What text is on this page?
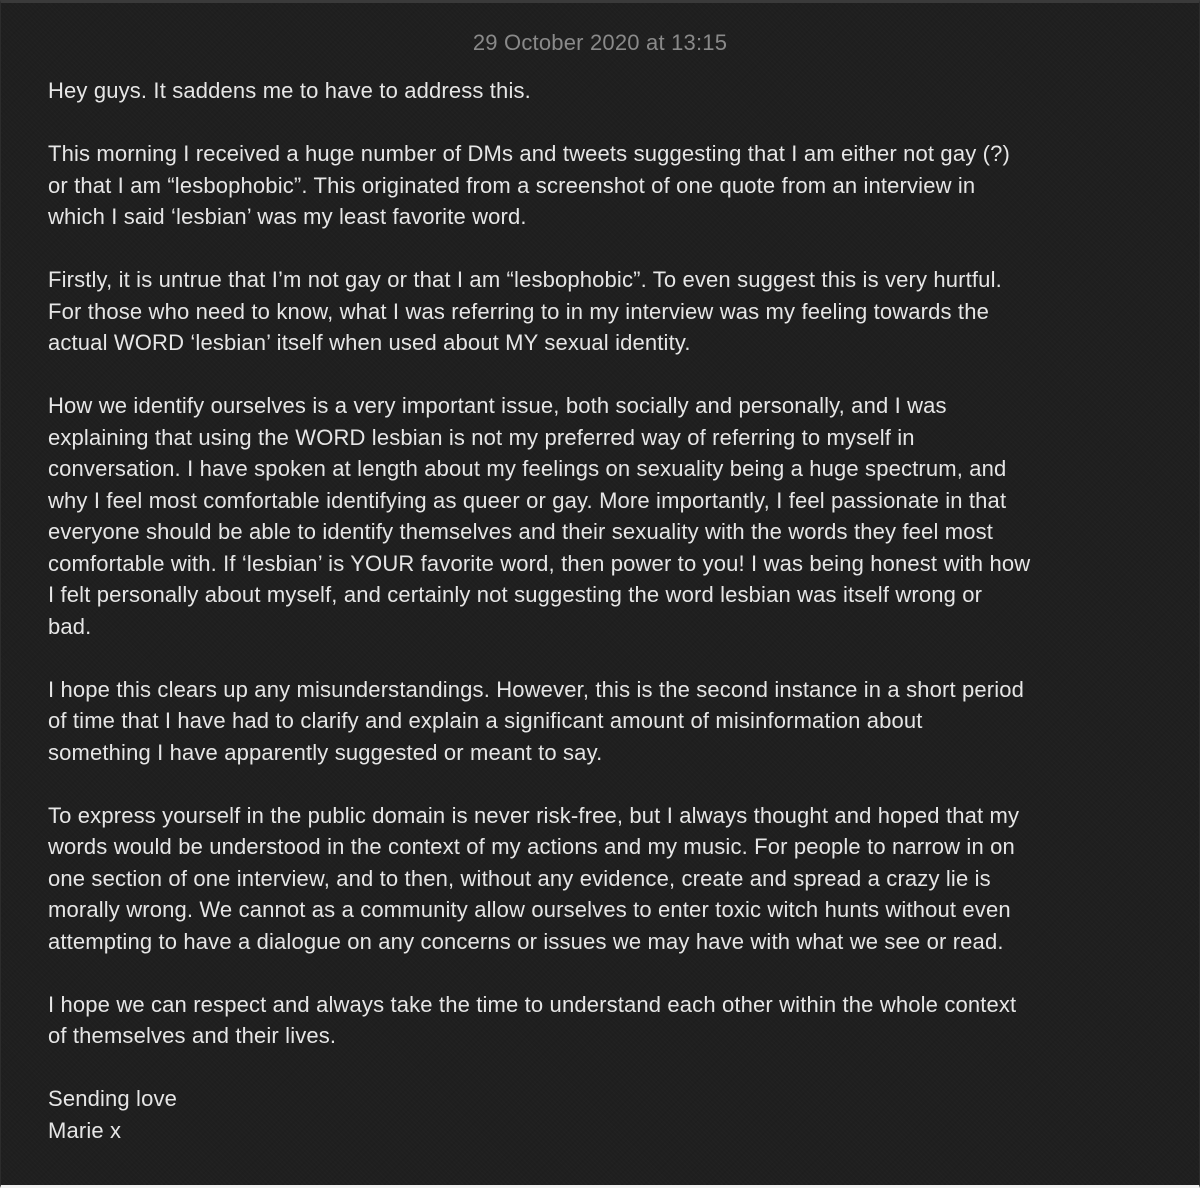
29 October 2020 at 13:15

Hey guys. It saddens me to have to address this.

This morning I received a huge number of DMs and tweets suggesting that I am either not gay (?)
or that I am “lesbophobic”. This originated from a screenshot of one quote from an interview in
which I said ‘lesbian’ was my least favorite word.

Firstly, it is untrue that I’m not gay or that I am “lesbophobic”. To even suggest this is very hurtful.
For those who need to know, what I was referring to in my interview was my feeling towards the
actual WORD ‘lesbian’ itself when used about MY sexual identity.

How we identify ourselves is a very important issue, both socially and personally, and I was
explaining that using the WORD lesbian is not my preferred way of referring to myself in
conversation. I have spoken at length about my feelings on sexuality being a huge spectrum, and
why I feel most comfortable identifying as queer or gay. More importantly, I feel passionate in that
everyone should be able to identify themselves and their sexuality with the words they feel most
comfortable with. If ‘lesbian’ is YOUR favorite word, then power to you! I was being honest with how
I felt personally about myself, and certainly not suggesting the word lesbian was itself wrong or
bad.

I hope this clears up any misunderstandings. However, this is the second instance in a short period
of time that I have had to clarify and explain a significant amount of misinformation about
something I have apparently suggested or meant to say.

To express yourself in the public domain is never risk-free, but I always thought and hoped that my
words would be understood in the context of my actions and my music. For people to narrow in on
one section of one interview, and to then, without any evidence, create and spread a crazy lie is
morally wrong. We cannot as a community allow ourselves to enter toxic witch hunts without even
attempting to have a dialogue on any concerns or issues we may have with what we see or read.

I hope we can respect and always take the time to understand each other within the whole context
of themselves and their lives.

Sending love
Marie x
